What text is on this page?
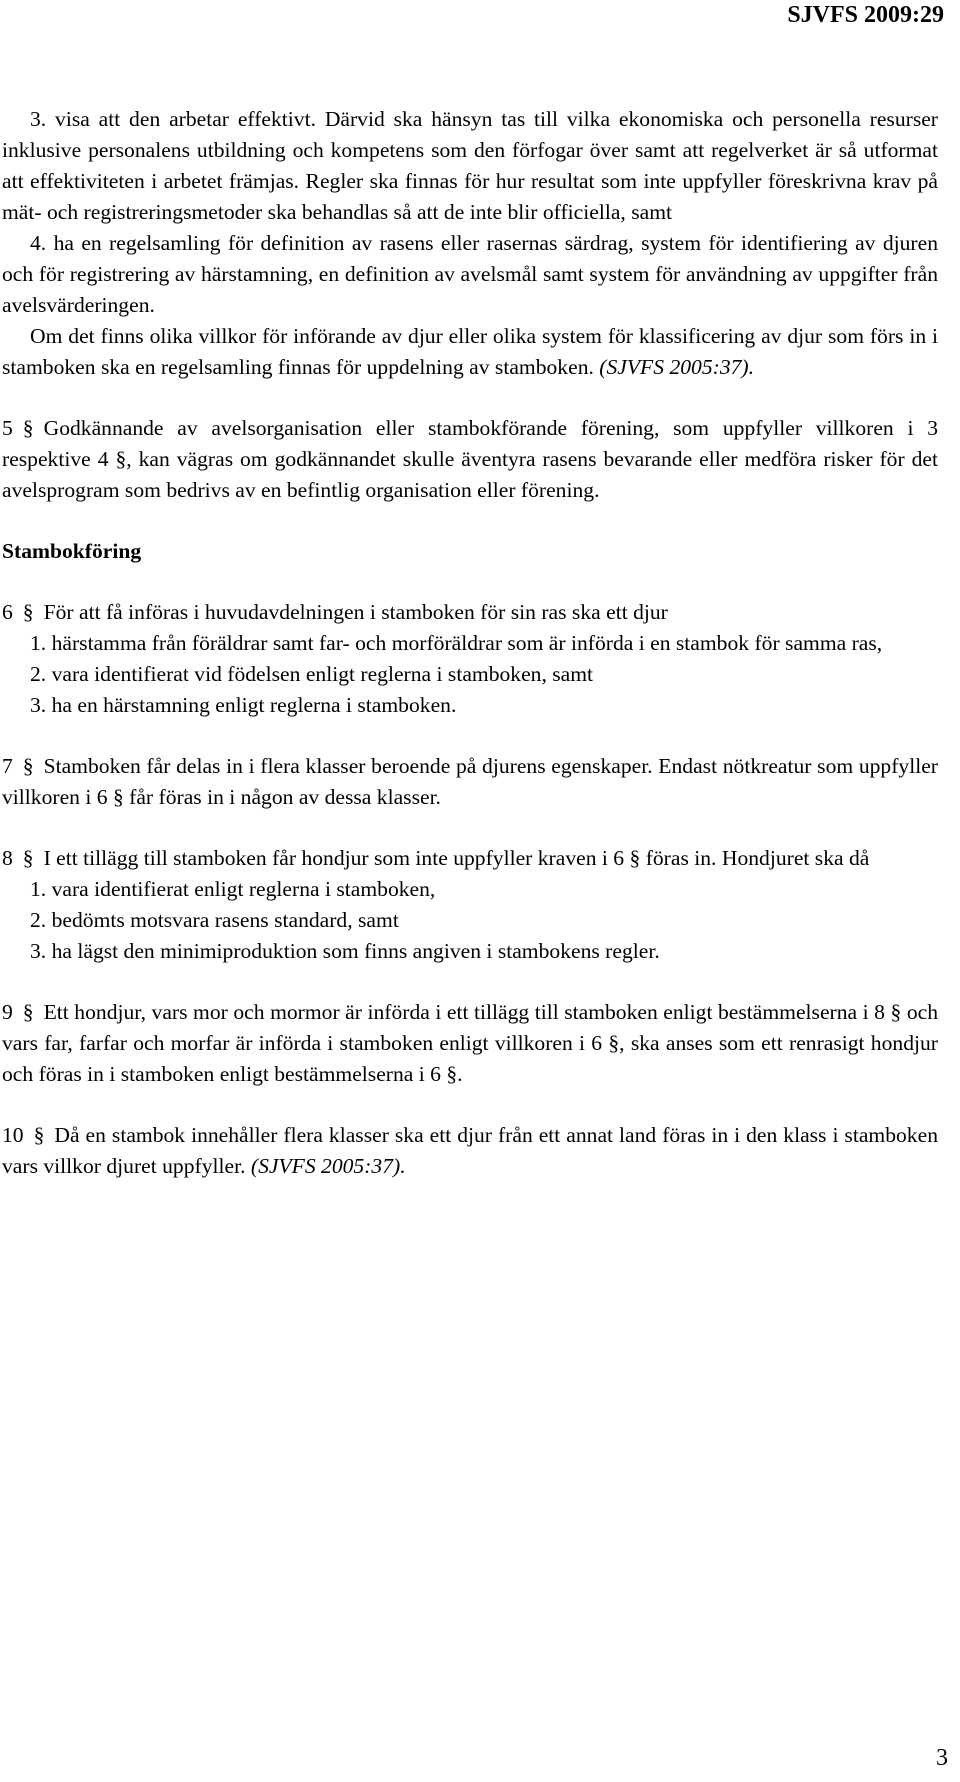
SJVFS 2009:29

3. visa att den arbetar effektivt. Därvid ska hänsyn tas till vilka ekonomiska och personella resurser inklusive personalens utbildning och kompetens som den förfogar över samt att regelverket är så utformat att effektiviteten i arbetet främjas. Regler ska finnas för hur resultat som inte uppfyller föreskrivna krav på mät- och registreringsmetoder ska behandlas så att de inte blir officiella, samt

4. ha en regelsamling för definition av rasens eller rasernas särdrag, system för identifiering av djuren och för registrering av härstamning, en definition av avelsmål samt system för användning av uppgifter från avelsvärderingen.

Om det finns olika villkor för införande av djur eller olika system för klassificering av djur som förs in i stamboken ska en regelsamling finnas för uppdelning av stamboken. (SJVFS 2005:37).

5 § Godkännande av avelsorganisation eller stambokförande förening, som uppfyller villkoren i 3 respektive 4 §, kan vägras om godkännandet skulle äventyra rasens bevarande eller medföra risker för det avelsprogram som bedrivs av en befintlig organisation eller förening.

Stambokföring

6 § För att få införas i huvudavdelningen i stamboken för sin ras ska ett djur

1. härstamma från föräldrar samt far- och morföräldrar som är införda i en stambok för samma ras,

2. vara identifierat vid födelsen enligt reglerna i stamboken, samt

3. ha en härstamning enligt reglerna i stamboken.

7 § Stamboken får delas in i flera klasser beroende på djurens egenskaper. Endast nötkreatur som uppfyller villkoren i 6 § får föras in i någon av dessa klasser.

8 § I ett tillägg till stamboken får hondjur som inte uppfyller kraven i 6 § föras in. Hondjuret ska då

1. vara identifierat enligt reglerna i stamboken,

2. bedömts motsvara rasens standard, samt

3. ha lägst den minimiproduktion som finns angiven i stambokens regler.

9 § Ett hondjur, vars mor och mormor är införda i ett tillägg till stamboken enligt bestämmelserna i 8 § och vars far, farfar och morfar är införda i stamboken enligt villkoren i 6 §, ska anses som ett renrasigt hondjur och föras in i stamboken enligt bestämmelserna i 6 §.

10 § Då en stambok innehåller flera klasser ska ett djur från ett annat land föras in i den klass i stamboken vars villkor djuret uppfyller. (SJVFS 2005:37).

3
